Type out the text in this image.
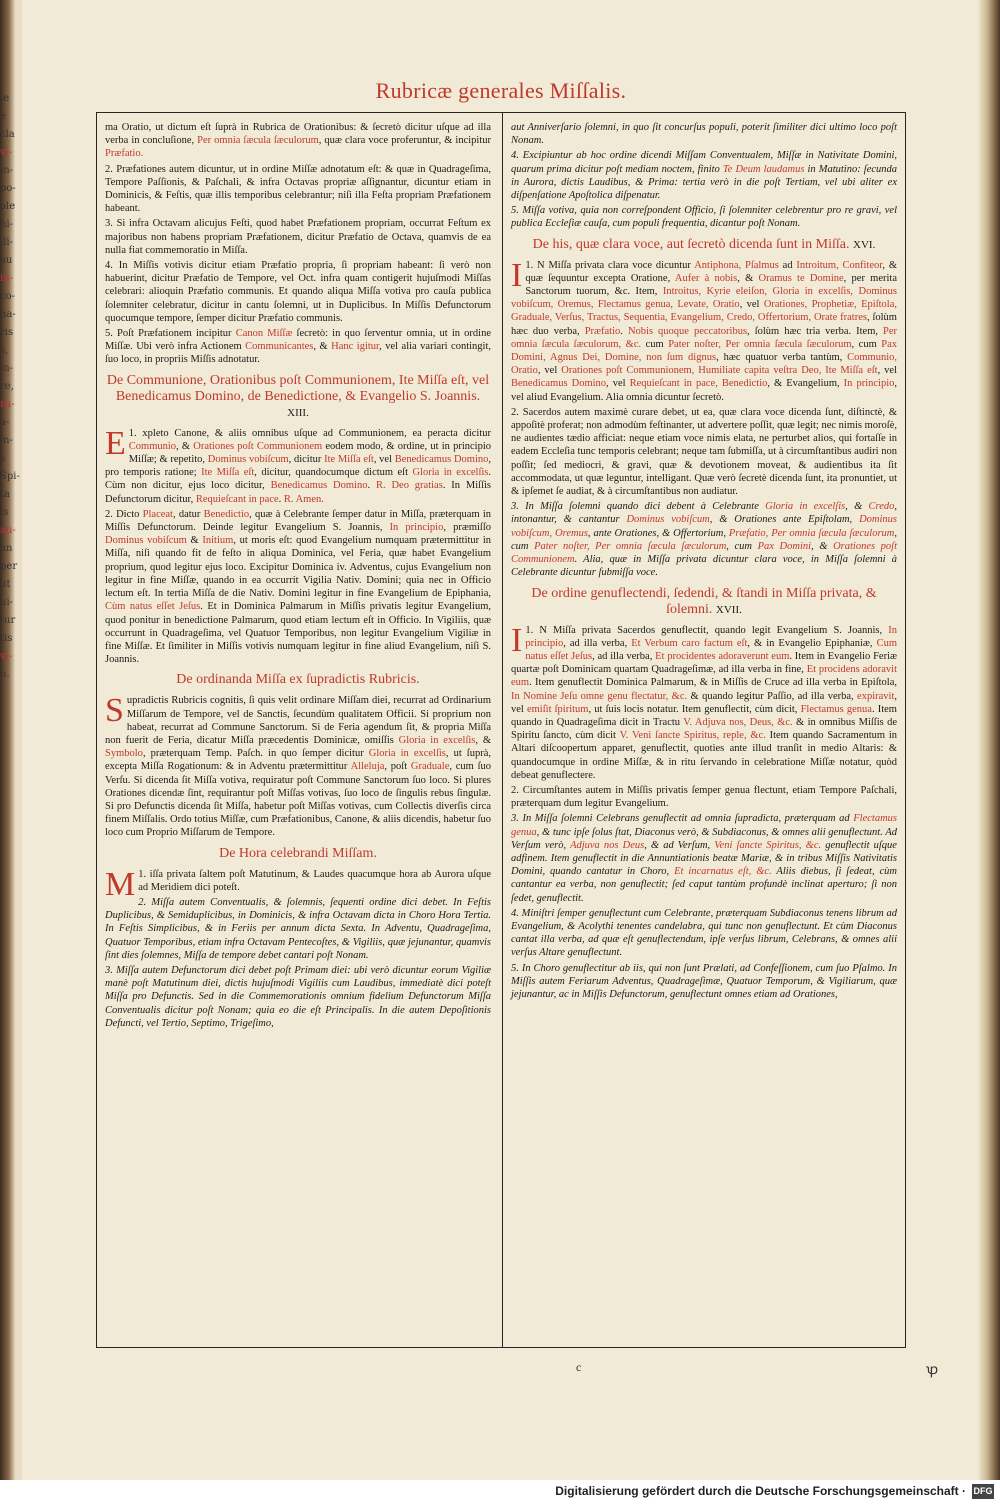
le
e
cla
vi-
in-
po-
ole
hi-
ili-
au
in-
co-
na-
ris
s,
in-
re,
ru-
a-
m-
s
Spi-
ta
is
au-
an
per
ut
ui-
tur
tis
vi-
n.
Rubricæ generales Miſſalis.

ma Oratio, ut dictum eſt ſuprà in Rubrica de Orationibus: & ſecretò dicitur uſque ad illa verba in concluſione, Per omnia ſæcula ſæculorum, quæ clara voce proferuntur, & incipitur Præfatio.

2. Præfationes autem dicuntur, ut in ordine Miſſæ adnotatum eſt: & quæ in Quadrageſima, Tempore Paſſionis, & Paſchali, & infra Octavas propriæ aſſignantur, dicuntur etiam in Dominicis, & Feſtis, quæ illis temporibus celebrantur; niſi illa Feſta propriam Præfationem habeant.

3. Si infra Octavam alicujus Feſti, quod habet Præfationem propriam, occurrat Feſtum ex majoribus non habens propriam Præfationem, dicitur Præfatio de Octava, quamvis de ea nulla fiat commemoratio in Miſſa.

4. In Miſſis votivis dicitur etiam Præfatio propria, ſi propriam habeant: ſi verò non habuerint, dicitur Præfatio de Tempore, vel Oct. infra quam contigerit hujuſmodi Miſſas celebrari: alioquin Præfatio communis. Et quando aliqua Miſſa votiva pro cauſa publica ſolemniter celebratur, dicitur in cantu ſolemni, ut in Duplicibus. In Miſſis Defunctorum quocumque tempore, ſemper dicitur Præfatio communis.

5. Poſt Præfationem incipitur Canon Miſſæ ſecretò: in quo ſerventur omnia, ut in ordine Miſſæ. Ubi verò infra Actionem Communicantes, & Hanc igitur, vel alia variari contingit, ſuo loco, in propriis Miſſis adnotatur.

De Communione, Orationibus poſt Communionem, Ite Miſſa eſt, vel Benedicamus Domino, de Benedictione, & Evangelio S. Joannis. XIII.

1.
E xpleto Canone, & aliis omnibus uſque ad Communionem, ea peracta dicitur Communio, & Orationes poſt Communionem eodem modo, & ordine, ut in principio Miſſæ; & repetito, Dominus vobiſcum, dicitur Ite Miſſa eſt, vel Benedicamus Domino, pro temporis ratione; Ite Miſſa eſt, dicitur, quandocumque dictum eſt Gloria in excelſis. Cùm non dicitur, ejus loco dicitur, Benedicamus Domino. R. Deo gratias. In Miſſis Defunctorum dicitur, Requieſcant in pace. R. Amen.

2. Dicto Placeat, datur Benedictio, quæ à Celebrante ſemper datur in Miſſa, præterquam in Miſſis Defunctorum. Deinde legitur Evangelium S. Joannis, In principio, præmiſſo Dominus vobiſcum & Initium, ut moris eſt: quod Evangelium numquam prætermittitur in Miſſa, niſi quando fit de feſto in aliqua Dominica, vel Feria, quæ habet Evangelium proprium, quod legitur ejus loco. Excipitur Dominica iv. Adventus, cujus Evangelium non legitur in fine Miſſæ, quando in ea occurrit Vigilia Nativ. Domini; quia nec in Officio lectum eſt. In tertia Miſſa de die Nativ. Domini legitur in fine Evangelium de Epiphania, Cùm natus eſſet Jeſus. Et in Dominica Palmarum in Miſſis privatis legitur Evangelium, quod ponitur in benedictione Palmarum, quod etiam lectum eſt in Officio. In Vigiliis, quæ occurrunt in Quadrageſima, vel Quatuor Temporibus, non legitur Evangelium Vigiliæ in fine Miſſæ. Et ſimiliter in Miſſis votivis numquam legitur in fine aliud Evangelium, niſi S. Joannis.

De ordinanda Miſſa ex ſupradictis Rubricis.

Supradictis Rubricis cognitis, ſi quis velit ordinare Miſſam diei, recurrat ad Ordinarium Miſſarum de Tempore, vel de Sanctis, ſecundùm qualitatem Officii. Si proprium non habeat, recurrat ad Commune Sanctorum. Si de Feria agendum ſit, & propria Miſſa non fuerit de Feria, dicatur Miſſa præcedentis Dominicæ, omiſſis Gloria in excelſis, & Symbolo, præterquam Temp. Paſch. in quo ſemper dicitur Gloria in excelſis, ut ſuprà, excepta Miſſa Rogationum: & in Adventu prætermittitur Alleluja, poſt Graduale, cum ſuo Verſu. Si dicenda ſit Miſſa votiva, requiratur poſt Commune Sanctorum ſuo loco. Si plures Orationes dicendæ ſint, requirantur poſt Miſſas votivas, ſuo loco de ſingulis rebus ſingulæ. Si pro Defunctis dicenda ſit Miſſa, habetur poſt Miſſas votivas, cum Collectis diverſis circa finem Miſſalis. Ordo totius Miſſæ, cum Præfationibus, Canone, & aliis dicendis, habetur ſuo loco cum Proprio Miſſarum de Tempore.

De Hora celebrandi Miſſam.

1.
M iſſa privata ſaltem poſt Matutinum, & Laudes quacumque hora ab Aurora uſque ad Meridiem dici poteſt.

2. Miſſa autem Conventualis, & ſolemnis, ſequenti ordine dici debet. In Feſtis Duplicibus, & Semiduplicibus, in Dominicis, & infra Octavam dicta in Choro Hora Tertia. In Feſtis Simplicibus, & in Feriis per annum dicta Sexta. In Adventu, Quadrageſima, Quatuor Temporibus, etiam infra Octavam Pentecoſtes, & Vigiliis, quæ jejunantur, quamvis ſint dies ſolemnes, Miſſa de tempore debet cantari poſt Nonam.

3. Miſſa autem Defunctorum dici debet poſt Primam diei: ubi verò dicuntur eorum Vigiliæ manè poſt Matutinum diei, dictis hujuſmodi Vigiliis cum Laudibus, immediatè dici poteſt Miſſa pro Defunctis. Sed in die Commemorationis omnium fidelium Defunctorum Miſſa Conventualis dicitur poſt Nonam; quia eo die eſt Principalis. In die autem Depoſitionis Defuncti, vel Tertio, Septimo, Trigeſimo,

aut Anniverſario ſolemni, in quo ſit concurſus populi, poterit ſimiliter dici ultimo loco poſt Nonam.

4. Excipiuntur ab hoc ordine dicendi Miſſam Conventualem, Miſſæ in Nativitate Domini, quarum prima dicitur poſt mediam noctem, finito Te Deum laudamus in Matutino: ſecunda in Aurora, dictis Laudibus, & Prima: tertia verò in die poſt Tertiam, vel ubi aliter ex diſpenſatione Apoſtolica diſpenatur.

5. Miſſa votiva, quia non correſpondent Officio, ſi ſolemniter celebrentur pro re gravi, vel publica Eccleſiæ cauſa, cum populi frequentia, dicantur poſt Nonam.

De his, quæ clara voce, aut ſecretò dicenda ſunt in Miſſa. XVI.

1.
I N Miſſa privata clara voce dicuntur Antiphona, Pſalmus ad Introitum, Confiteor, & quæ ſequuntur excepta Oratione, Aufer à nobis, & Oramus te Domine, per merita Sanctorum tuorum, &c. Item, Introitus, Kyrie eleiſon, Gloria in excelſis, Dominus vobiſcum, Oremus, Flectamus genua, Levate, Oratio, vel Orationes, Prophetiæ, Epiſtola, Graduale, Verſus, Tractus, Sequentia, Evangelium, Credo, Offertorium, Orate fratres, ſolùm hæc duo verba, Præfatio. Nobis quoque peccatoribus, ſolùm hæc tria verba. Item, Per omnia ſæcula ſæculorum, &c. cum Pater noſter, Per omnia ſæcula ſæculorum, cum Pax Domini, Agnus Dei, Domine, non ſum dignus, hæc quatuor verba tantùm, Communio, Oratio, vel Orationes poſt Communionem, Humiliate capita veſtra Deo, Ite Miſſa eſt, vel Benedicamus Domino, vel Requieſcant in pace, Benedictio, & Evangelium, In principio, vel aliud Evangelium. Alia omnia dicuntur ſecretò.

2. Sacerdos autem maximè curare debet, ut ea, quæ clara voce dicenda ſunt, diſtinctè, & appoſitè proferat; non admodùm feſtinanter, ut advertere poſſit, quæ legit; nec nimis moroſè, ne audientes tædio afficiat: neque etiam voce nimis elata, ne perturbet alios, qui fortaſſe in eadem Eccleſia tunc temporis celebrant; neque tam ſubmiſſa, ut à circumſtantibus audiri non poſſit; ſed mediocri, & gravi, quæ & devotionem moveat, & audientibus ita ſit accommodata, ut quæ leguntur, intelligant. Quæ verò ſecretè dicenda ſunt, ita pronuntiet, ut & ipſemet ſe audiat, & à circumſtantibus non audiatur.

3. In Miſſa ſolemni quando dici debent à Celebrante Gloria in excelſis, & Credo, intonantur, & cantantur Dominus vobiſcum, & Orationes ante Epiſtolam, Dominus vobiſcum, Oremus, ante Orationes, & Offertorium, Præfatio, Per omnia ſæcula ſæculorum, cum Pater noſter, Per omnia ſæcula ſæculorum, cum Pax Domini, & Orationes poſt Communionem. Alia, quæ in Miſſa privata dicuntur clara voce, in Miſſa ſolemni à Celebrante dicuntur ſubmiſſa voce.

De ordine genuflectendi, ſedendi, & ſtandi in Miſſa privata, & ſolemni. XVII.

1.
I N Miſſa privata Sacerdos genuflectit, quando legit Evangelium S. Joannis, In principio, ad illa verba, Et Verbum caro factum eſt, & in Evangelio Epiphaniæ, Cum natus eſſet Jeſus, ad illa verba, Et procidentes adoraverunt eum. Item in Evangelio Feriæ quartæ poſt Dominicam quartam Quadrageſimæ, ad illa verba in fine, Et procidens adoravit eum. Item genuflectit Dominica Palmarum, & in Miſſis de Cruce ad illa verba in Epiſtola, In Nomine Jeſu omne genu flectatur, &c. & quando legitur Paſſio, ad illa verba, expiravit, vel emiſit ſpiritum, ut ſuis locis notatur. Item genuflectit, cùm dicit, Flectamus genua. Item quando in Quadrageſima dicit in Tractu V. Adjuva nos, Deus, &c. & in omnibus Miſſis de Spiritu ſancto, cùm dicit V. Veni ſancte Spiritus, reple, &c. Item quando Sacramentum in Altari diſcoopertum apparet, genuflectit, quoties ante illud tranſit in medio Altaris: & quandocumque in ordine Miſſæ, & in ritu ſervando in celebratione Miſſæ notatur, quòd debeat genuflectere.

2. Circumſtantes autem in Miſſis privatis ſemper genua flectunt, etiam Tempore Paſchali, præterquam dum legitur Evangelium.

3. In Miſſa ſolemni Celebrans genuflectit ad omnia ſupradicta, præterquam ad Flectamus genua, & tunc ipſe ſolus ſtat, Diaconus verò, & Subdiaconus, & omnes alii genuflectunt. Ad Verſum verò, Adjuva nos Deus, & ad Verſum, Veni ſancte Spiritus, &c. genuflectit uſque adfinem. Item genuflectit in die Annuntiationis beatæ Mariæ, & in tribus Miſſis Nativitatis Domini, quando cantatur in Choro, Et incarnatus eſt, &c. Aliis diebus, ſi ſedeat, cùm cantantur ea verba, non genuflectit; ſed caput tantùm profundè inclinat aperturo; ſi non ſedet, genuflectit.

4. Miniſtri ſemper genuflectunt cum Celebrante, præterquam Subdiaconus tenens librum ad Evangelium, & Acolythi tenentes candelabra, qui tunc non genuflectunt. Et cùm Diaconus cantat illa verba, ad quæ eſt genuflectendum, ipſe verſus librum, Celebrans, & omnes alii verſus Altare genuflectunt.

5. In Choro genuflectitur ab iis, qui non ſunt Prælati, ad Confeſſionem, cum ſuo Pſalmo. In Miſſis autem Feriarum Adventus, Quadrageſimæ, Quatuor Temporum, & Vigiliarum, quæ jejunantur, ac in Miſſis Defunctorum, genuflectunt omnes etiam ad Orationes,

c	ꝕ
Digitalisierung gefördert durch die Deutsche Forschungsgemeinschaft · DFG
